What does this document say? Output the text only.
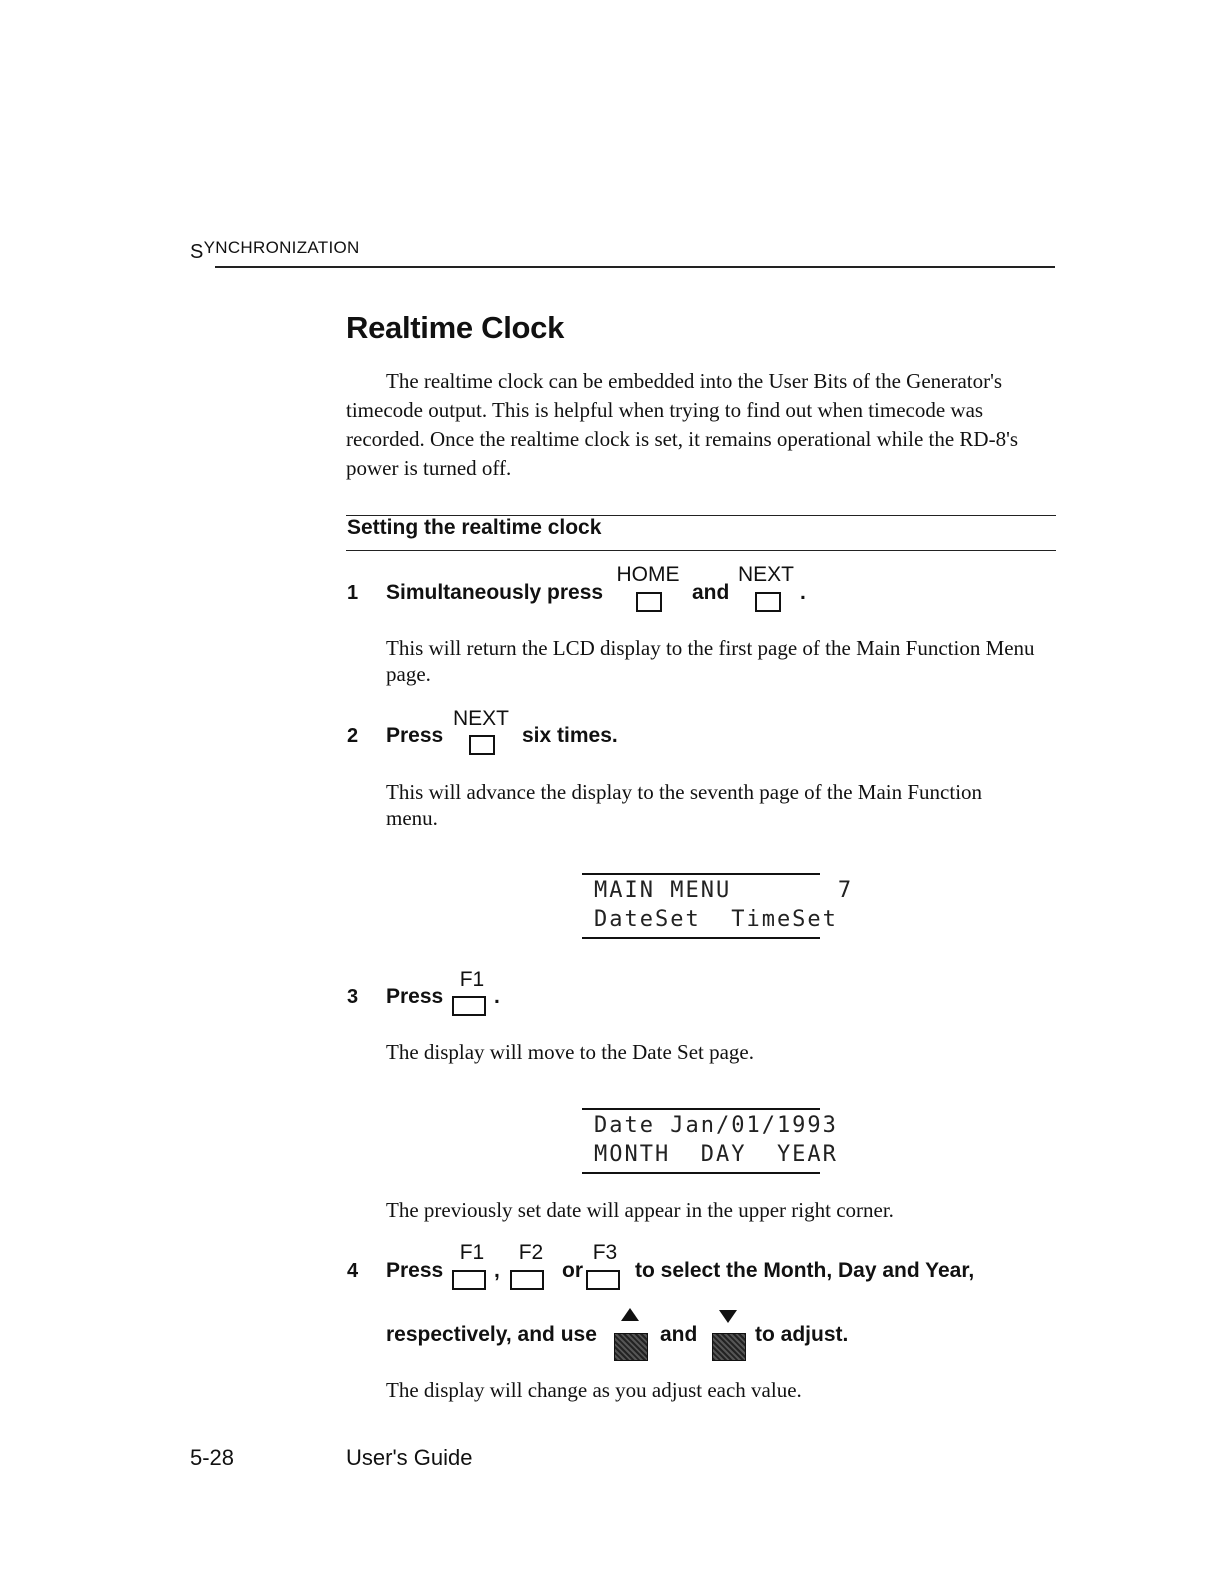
SYNCHRONIZATION
Realtime Clock
The realtime clock can be embedded into the User Bits of the Generator's timecode output. This is helpful when trying to find out when timecode was recorded. Once the realtime clock is set, it remains operational while the RD-8's power is turned off.
Setting the realtime clock
1 Simultaneously press
HOME
and
NEXT
.
This will return the LCD display to the first page of the Main Function Menu page.
2 Press
NEXT
six times.
This will advance the display to the seventh page of the Main Function menu.
MAIN MENU       7
DateSet  TimeSet
3 Press
F1
.
The display will move to the Date Set page.
Date Jan/01/1993
MONTH  DAY  YEAR
The previously set date will appear in the upper right corner.
4 Press
F1
,
F2
or
F3
to select the Month, Day and Year,
respectively, and use	and	to adjust.
The display will change as you adjust each value.
5-28	User's Guide
